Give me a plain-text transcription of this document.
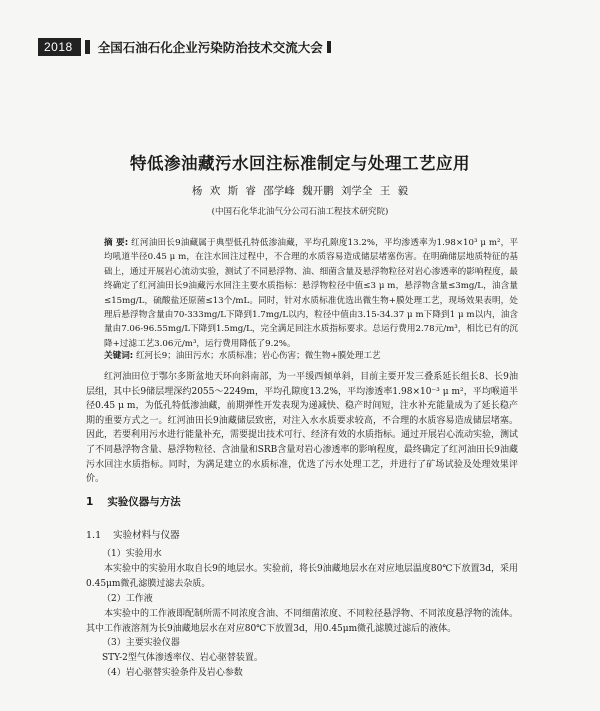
2018	全国石油石化企业污染防治技术交流大会
特低渗油藏污水回注标准制定与处理工艺应用
杨 欢 斯 睿 邵学峰 魏开鹏 刘学全 王 毅
(中国石化华北油气分公司石油工程技术研究院)
摘 要: 红河油田长9油藏属于典型低孔特低渗油藏，平均孔隙度13.2%，平均渗透率为1.98×10³ μ m²，平均吼道半径0.45 μ m，在注水回注过程中，不合理的水质容易造成储层堵塞伤害。在明确储层地质特征的基础上，通过开展岩心流动实验，测试了不同悬浮物、油、细菌含量及悬浮物粒径对岩心渗透率的影响程度，最终确定了红河油田长9油藏污水回注主要水质指标：悬浮物粒径中值≤3 μ m，悬浮物含量≤3mg/L，油含量≤15mg/L，硫酸盐还原菌≤13个/mL。同时，针对水质标准优选出微生物+膜处理工艺，现场效果表明，处理后悬浮物含量由70-333mg/L下降到1.7mg/L以内，粒径中值由3.15-34.37 μ m下降到1 μ m以内，油含量由7.06-96.55mg/L下降到1.5mg/L，完全满足回注水质指标要求。总运行费用2.78元/m³，相比已有的沉降+过滤工艺3.06元/m³，运行费用降低了9.2%。
关键词: 红河长9；油田污水；水质标准；岩心伤害；微生物+膜处理工艺
红河油田位于鄂尔多斯盆地天环向斜南部，为一平缓西倾单斜，目前主要开发三叠系延长组长8、长9油层组，其中长9储层埋深约2055～2249m，平均孔隙度13.2%，平均渗透率1.98×10⁻³ μ m²，平均喉道半径0.45 μ m，为低孔特低渗油藏，前期弹性开发表现为递减快、稳产时间短，注水补充能量成为了延长稳产期的重要方式之一。红河油田长9油藏储层致密，对注入水水质要求较高，不合理的水质容易造成储层堵塞。因此，若要利用污水进行能量补充，需要提出技术可行、经济有效的水质指标。通过开展岩心流动实验，测试了不同悬浮物含量、悬浮物粒径、含油量和SRB含量对岩心渗透率的影响程度，最终确定了红河油田长9油藏污水回注水质指标。同时，为满足建立的水质标准，优选了污水处理工艺，并进行了矿场试验及处理效果评价。
1 实验仪器与方法
1.1 实验材料与仪器
（1）实验用水
本实验中的实验用水取自长9的地层水。实验前，将长9油藏地层水在对应地层温度80℃下放置3d，采用0.45μm微孔滤膜过滤去杂质。
（2）工作液
本实验中的工作液即配制所需不同浓度含油、不同细菌浓度、不同粒径悬浮物、不同浓度悬浮物的流体。其中工作液溶剂为长9油藏地层水在对应80℃下放置3d，用0.45μm微孔滤膜过滤后的液体。
（3）主要实验仪器
STY-2型气体渗透率仪、岩心驱替装置。
（4）岩心驱替实验条件及岩心参数
